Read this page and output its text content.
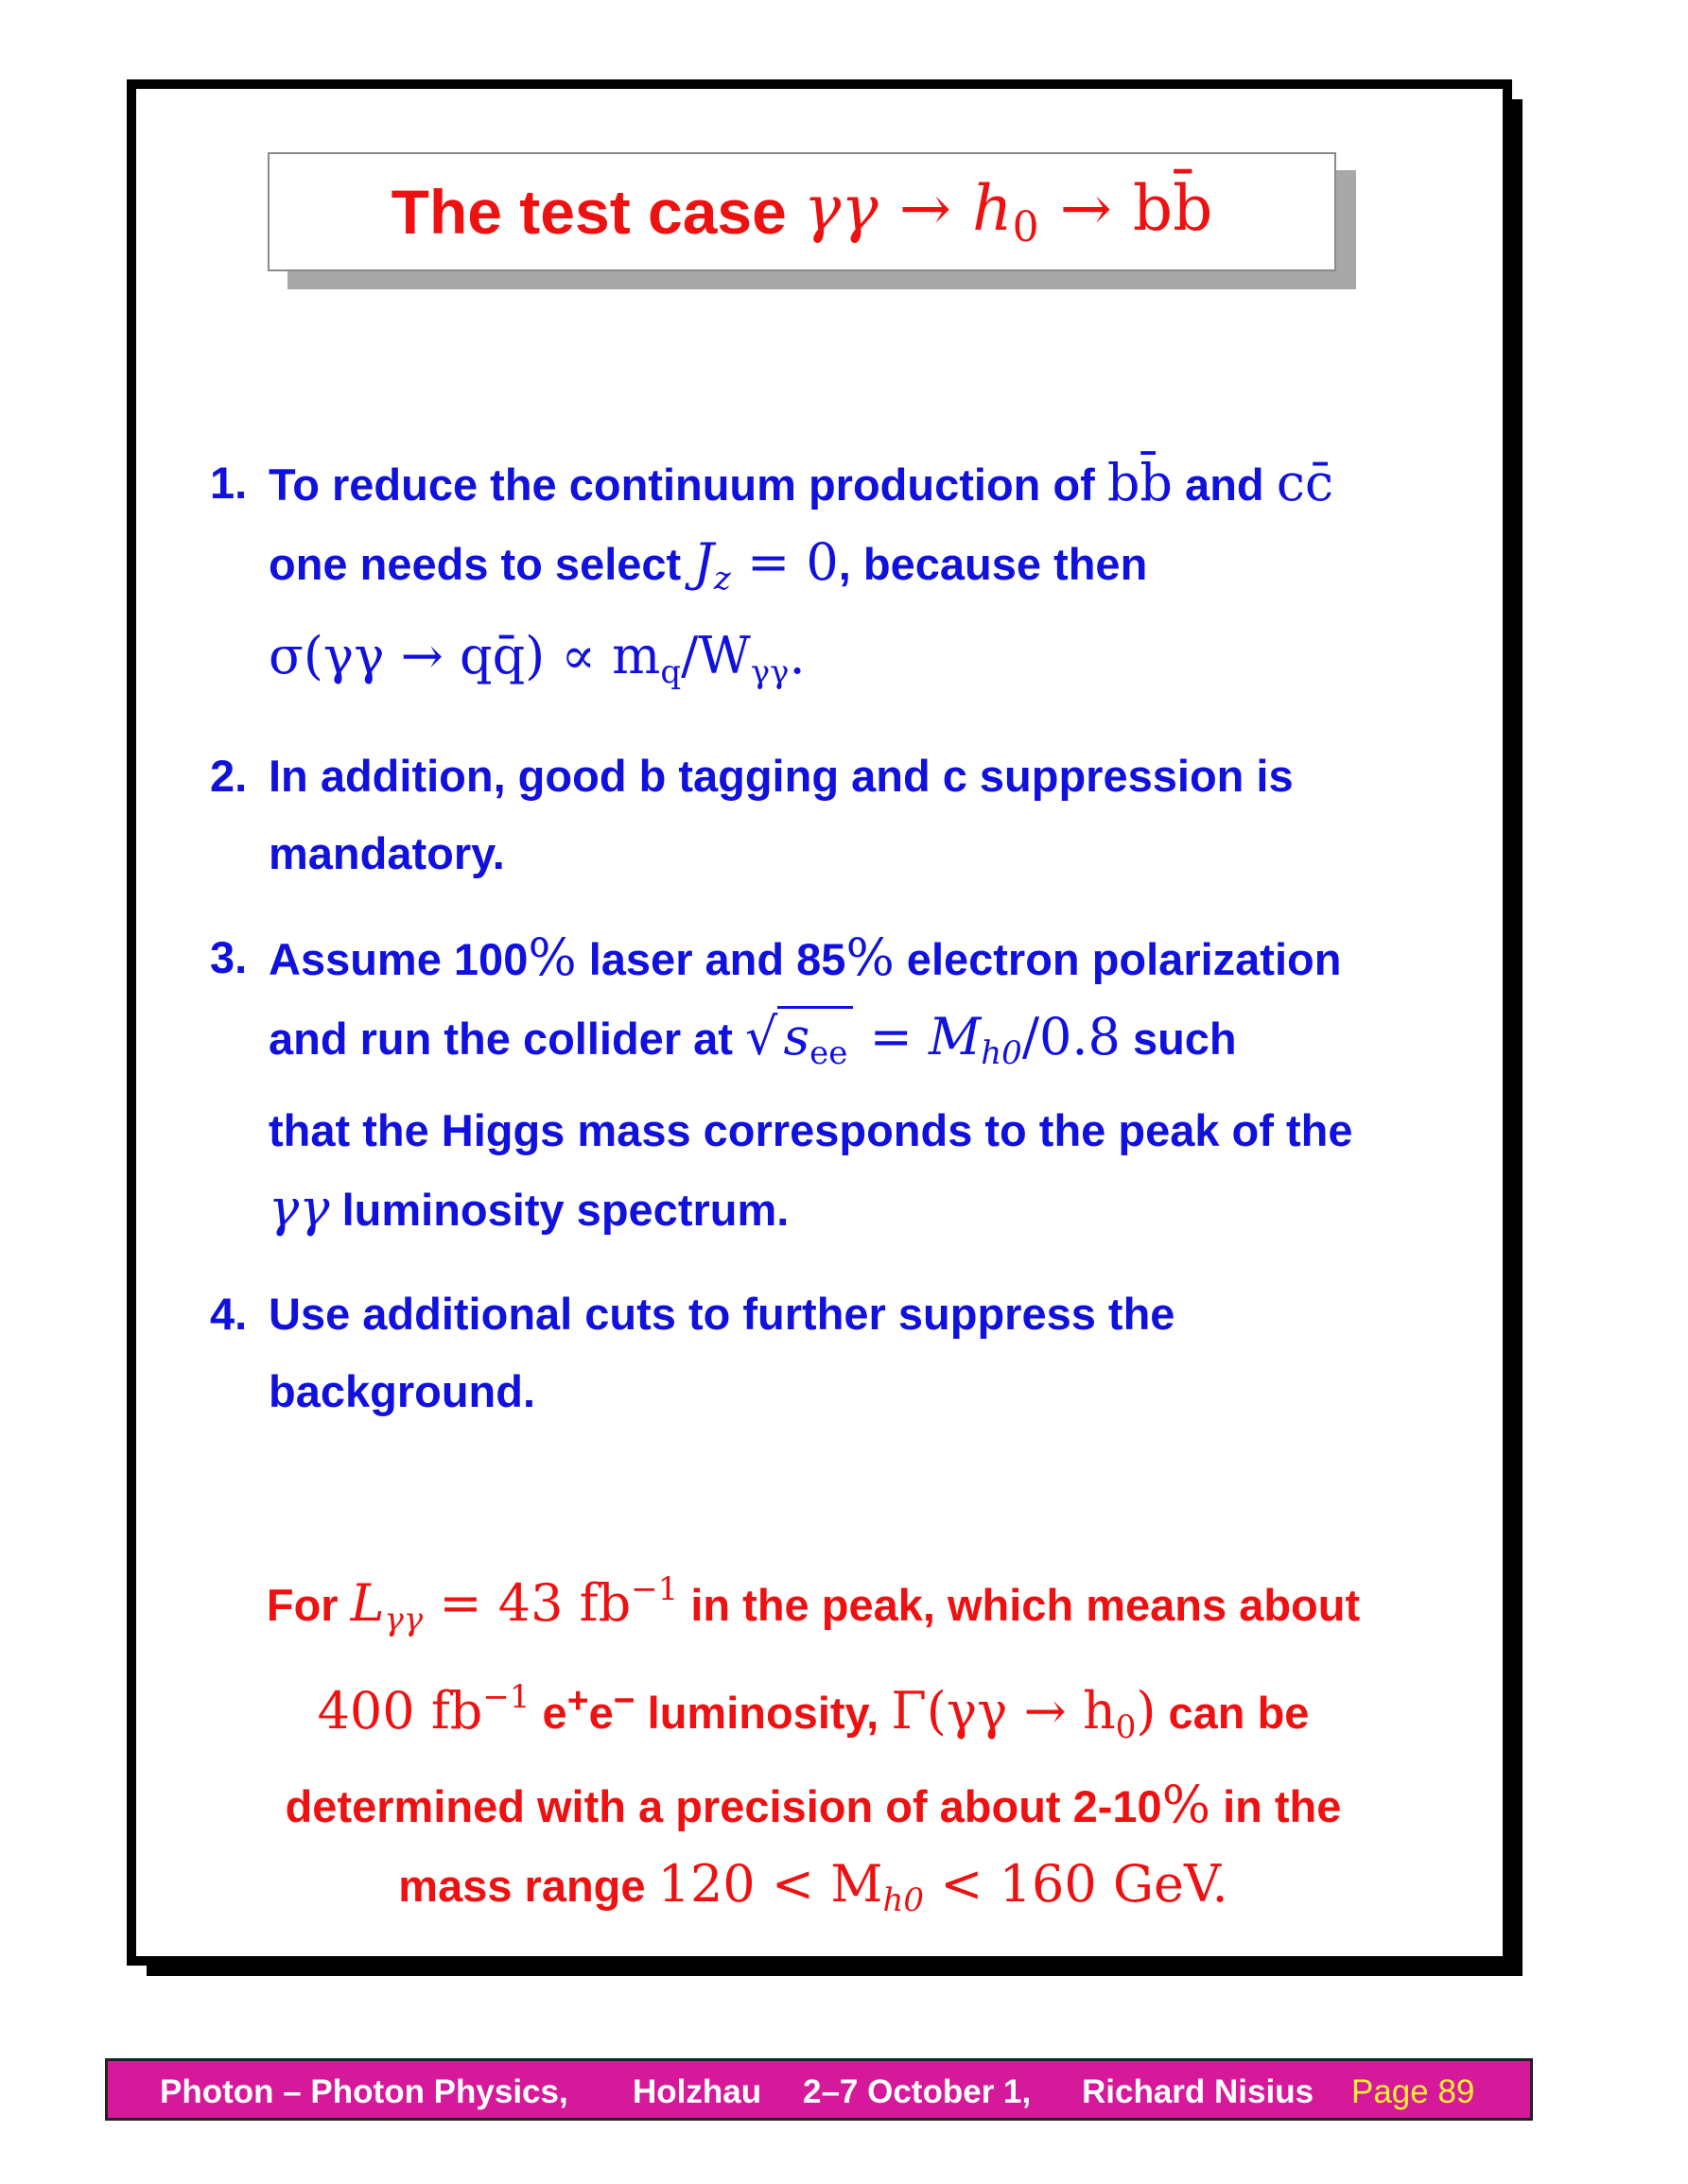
The test case $\gamma\gamma \to h_0$ → bb̄
1. To reduce the continuum production of bb̄ and cc̄
one needs to select $J_z = 0$, because then
σ(γγ → qq̄) ∝ $m_q/W_{\gamma\gamma}$.
2. In addition, good b tagging and c suppression is
mandatory.
3. Assume 100% laser and 85% electron polarization
and run the collider at √ $s_{ee} = M_{h0}/0.8$ such
that the Higgs mass corresponds to the peak of the
γγ luminosity spectrum.
4. Use additional cuts to further suppress the
background.
For $L_{\gamma\gamma} = 43$ $fb^{-1}$ in the peak, which means about
400 $fb^{-1}$ e+e− luminosity, $\Gamma(\gamma\gamma \to h_0)$ can be
determined with a precision of about 2-10% in the
mass range $120 < M_{h0} < 160$ GeV.
Photon – Photon Physics, Holzhau 2–7 October 1, Richard Nisius Page 89
